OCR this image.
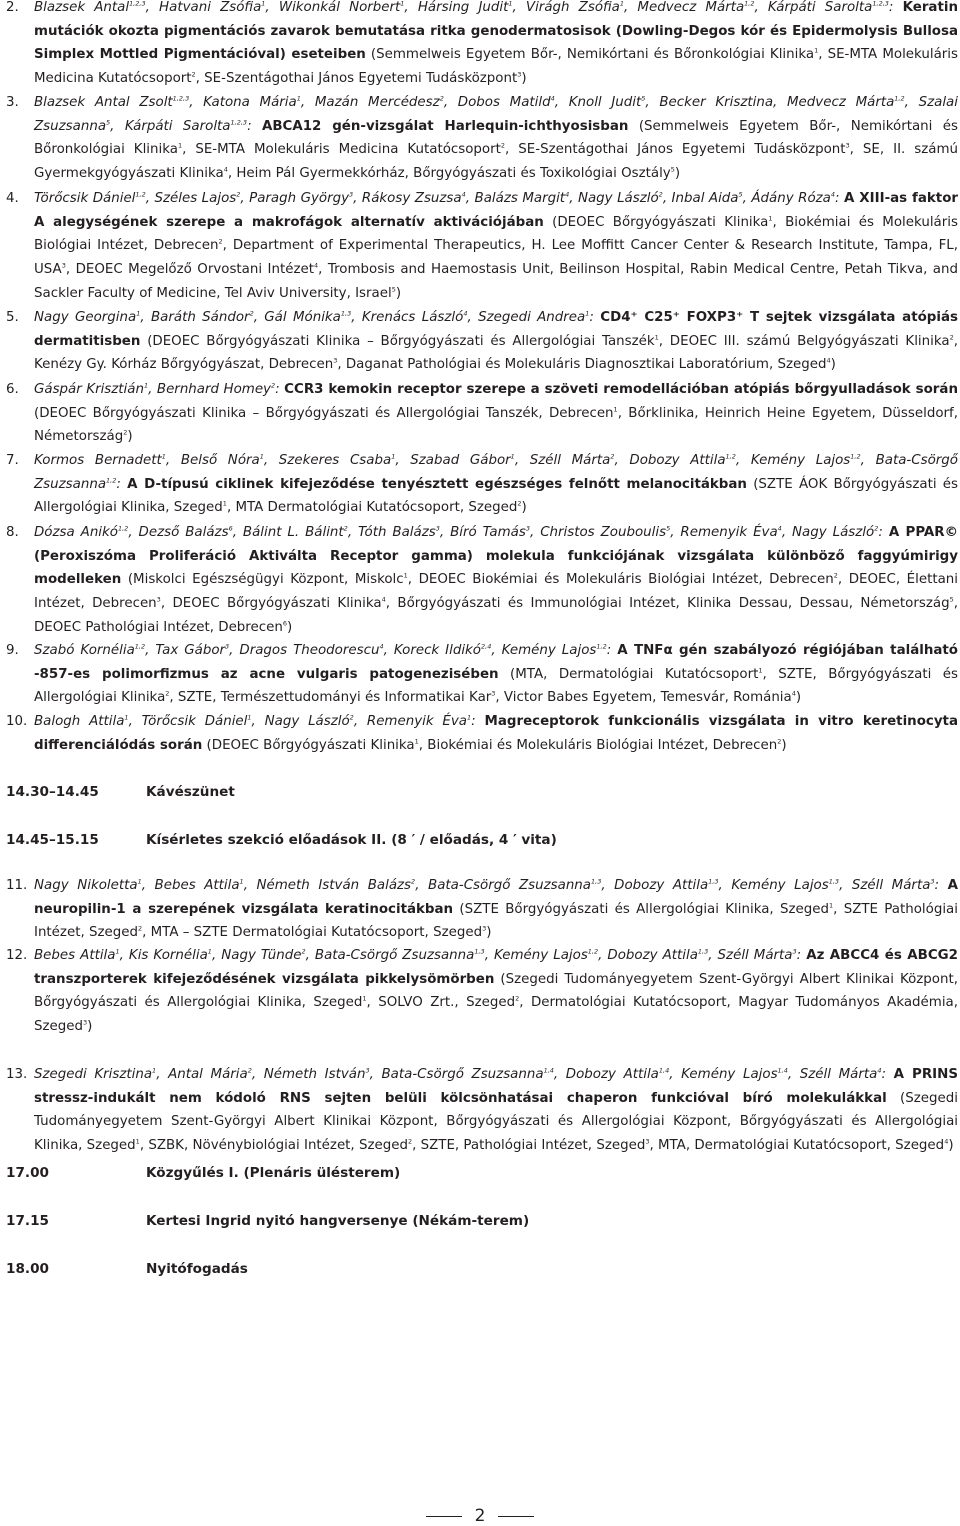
2.	Blazsek Antal$^{1,2,3}$, Hatvani Zsófia$^1$, Wikonkál Norbert$^1$, Hársing Judit$^1$, Virágh Zsófia$^1$, Medvecz Márta$^{1,2}$, Kárpáti Sarolta$^{1,2,3}$: Keratin mutációk okozta pigmentációs zavarok bemutatása ritka genodermatosisok (Dowling-Degos kór és Epidermolysis Bullosa Simplex Mottled Pigmentációval) eseteiben (Semmelweis Egyetem Bőr-, Nemikórtani és Bőronkológiai Klinika$^1$, SE-MTA Molekuláris Medicina Kutatócsoport$^2$, SE-Szentágothai János Egyetemi Tudásközpont$^3$)
3.	Blazsek Antal Zsolt$^{1,2,3}$, Katona Mária$^1$, Mazán Mercédesz$^2$, Dobos Matild$^4$, Knoll Judit$^5$, Becker Krisztina, Medvecz Márta$^{1,2}$, Szalai Zsuzsanna$^5$, Kárpáti Sarolta$^{1,2,3}$: ABCA12 gén-vizsgálat Harlequin-ichthyosisban (Semmelweis Egyetem Bőr-, Nemikórtani és Bőronkológiai Klinika$^1$, SE-MTA Molekuláris Medicina Kutatócsoport$^2$, SE-Szentágothai János Egyetemi Tudásközpont$^3$, SE, II. számú Gyermekgyógyászati Klinika$^4$, Heim Pál Gyermekkórház, Bőrgyógyászati és Toxikológiai Osztály$^5$)
4.	Törőcsik Dániel$^{1,2}$, Széles Lajos$^2$, Paragh György$^3$, Rákosy Zsuzsa$^4$, Balázs Margit$^4$, Nagy László$^2$, Inbal Aida$^5$, Ádány Róza$^4$: A XIII-as faktor A alegységének szerepe a makrofágok alternatív aktivációjában (DEOEC Bőrgyógyászati Klinika$^1$, Biokémiai és Molekuláris Biológiai Intézet, Debrecen$^2$, Department of Experimental Therapeutics, H. Lee Moffitt Cancer Center & Research Institute, Tampa, FL, USA$^3$, DEOEC Megelőző Orvostani Intézet$^4$, Trombosis and Haemostasis Unit, Beilinson Hospital, Rabin Medical Centre, Petah Tikva, and Sackler Faculty of Medicine, Tel Aviv University, Israel$^5$)
5.	Nagy Georgina$^1$, Baráth Sándor$^2$, Gál Mónika$^{1,3}$, Krenács László$^4$, Szegedi Andrea$^1$: CD4⁺ C25⁺ FOXP3⁺ T sejtek vizsgálata atópiás dermatitisben (DEOEC Bőrgyógyászati Klinika – Bőrgyógyászati és Allergológiai Tanszék$^1$, DEOEC III. számú Belgyógyászati Klinika$^2$, Kenézy Gy. Kórház Bőrgyógyászat, Debrecen$^3$, Daganat Pathológiai és Molekuláris Diagnosztikai Laboratórium, Szeged$^4$)
6.	Gáspár Krisztián$^1$, Bernhard Homey$^2$: CCR3 kemokin receptor szerepe a szöveti remodellációban atópiás bőrgyulladások során (DEOEC Bőrgyógyászati Klinika – Bőrgyógyászati és Allergológiai Tanszék, Debrecen$^1$, Bőrklinika, Heinrich Heine Egyetem, Düsseldorf, Németország$^2$)
7.	Kormos Bernadett$^1$, Belső Nóra$^1$, Szekeres Csaba$^1$, Szabad Gábor$^1$, Széll Márta$^2$, Dobozy Attila$^{1,2}$, Kemény Lajos$^{1,2}$, Bata-Csörgő Zsuzsanna$^{1,2}$: A D-típusú ciklinek kifejeződése tenyésztett egészséges felnőtt melanocitákban (SZTE ÁOK Bőrgyógyászati és Allergológiai Klinika, Szeged$^1$, MTA Dermatológiai Kutatócsoport, Szeged$^2$)
8.	Dózsa Anikó$^{1,2}$, Dezső Balázs$^6$, Bálint L. Bálint$^2$, Tóth Balázs$^3$, Bíró Tamás$^3$, Christos Zouboulis$^5$, Remenyik Éva$^4$, Nagy László$^2$: A PPAR© (Peroxiszóma Proliferáció Aktiválta Receptor gamma) molekula funkciójának vizsgálata különböző faggyúmirigy modelleken (Miskolci Egészségügyi Központ, Miskolc$^1$, DEOEC Biokémiai és Molekuláris Biológiai Intézet, Debrecen$^2$, DEOEC, Élettani Intézet, Debrecen$^3$, DEOEC Bőrgyógyászati Klinika$^4$, Bőrgyógyászati és Immunológiai Intézet, Klinika Dessau, Dessau, Németország$^5$, DEOEC Pathológiai Intézet, Debrecen$^6$)
9.	Szabó Kornélia$^{1,2}$, Tax Gábor$^3$, Dragos Theodorescu$^4$, Koreck Ildikó$^{2,4}$, Kemény Lajos$^{1,2}$: A TNFα gén szabályozó régiójában található -857-es polimorfizmus az acne vulgaris patogenezisében (MTA, Dermatológiai Kutatócsoport$^1$, SZTE, Bőrgyógyászati és Allergológiai Klinika$^2$, SZTE, Természettudományi és Informatikai Kar$^3$, Victor Babes Egyetem, Temesvár, Románia$^4$)
10. Balogh Attila$^1$, Törőcsik Dániel$^1$, Nagy László$^2$, Remenyik Éva$^1$: Magreceptorok funkcionális vizsgálata in vitro keretinocyta differenciálódás során (DEOEC Bőrgyógyászati Klinika$^1$, Biokémiai és Molekuláris Biológiai Intézet, Debrecen$^2$)
14.30–14.45	Kávészünet
14.45–15.15	Kísérletes szekció előadások II. (8 ′ / előadás, 4 ′ vita)
11. Nagy Nikoletta$^1$, Bebes Attila$^1$, Németh István Balázs$^2$, Bata-Csörgő Zsuzsanna$^{1,3}$, Dobozy Attila$^{1,3}$, Kemény Lajos$^{1,3}$, Széll Márta$^3$: A neuropilin-1 a szerepének vizsgálata keratinocitákban (SZTE Bőrgyógyászati és Allergológiai Klinika, Szeged$^1$, SZTE Pathológiai Intézet, Szeged$^2$, MTA – SZTE Dermatológiai Kutatócsoport, Szeged$^3$)
12. Bebes Attila$^1$, Kis Kornélia$^1$, Nagy Tünde$^2$, Bata-Csörgő Zsuzsanna$^{1,3}$, Kemény Lajos$^{1,2}$, Dobozy Attila$^{1,3}$, Széll Márta$^3$: Az ABCC4 és ABCG2 transzporterek kifejeződésének vizsgálata pikkelysömörben (Szegedi Tudományegyetem Szent-Györgyi Albert Klinikai Központ, Bőrgyógyászati és Allergológiai Klinika, Szeged$^1$, SOLVO Zrt., Szeged$^2$, Dermatológiai Kutatócsoport, Magyar Tudományos Akadémia, Szeged$^3$)
13. Szegedi Krisztina$^1$, Antal Mária$^2$, Németh István$^3$, Bata-Csörgő Zsuzsanna$^{1,4}$, Dobozy Attila$^{1,4}$, Kemény Lajos$^{1,4}$, Széll Márta$^4$: A PRINS stressz-indukált nem kódoló RNS sejten belüli kölcsönhatásai chaperon funkcióval bíró molekulákkal (Szegedi Tudományegyetem Szent-Györgyi Albert Klinikai Központ, Bőrgyógyászati és Allergológiai Központ, Bőrgyógyászati és Allergológiai Klinika, Szeged$^1$, SZBK, Növénybiológiai Intézet, Szeged$^2$, SZTE, Pathológiai Intézet, Szeged$^3$, MTA, Dermatológiai Kutatócsoport, Szeged$^4$)
17.00	Közgyűlés I. (Plenáris ülésterem)
17.15	Kertesi Ingrid nyitó hangversenye (Nékám-terem)
18.00	Nyitófogadás
2
